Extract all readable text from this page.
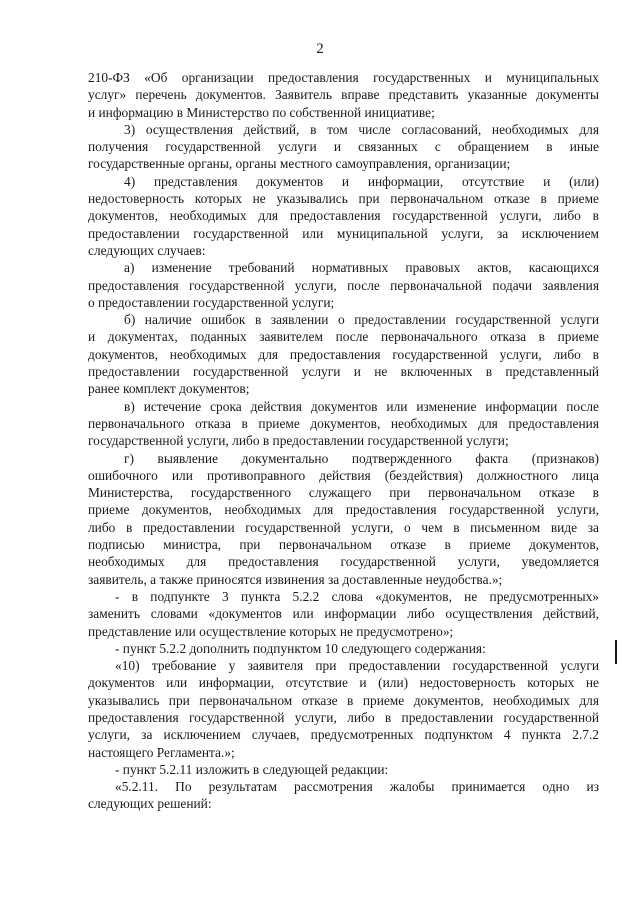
2
210-ФЗ «Об организации предоставления государственных и муниципальных
услуг» перечень документов. Заявитель вправе представить указанные документы
и информацию в Министерство по собственной инициативе;
3) осуществления действий, в том числе согласований, необходимых для
получения государственной услуги и связанных с обращением в иные
государственные органы, органы местного самоуправления, организации;
4) представления документов и информации, отсутствие и (или)
недостоверность которых не указывались при первоначальном отказе в приеме
документов, необходимых для предоставления государственной услуги, либо в
предоставлении государственной или муниципальной услуги, за исключением
следующих случаев:
а) изменение требований нормативных правовых актов, касающихся
предоставления государственной услуги, после первоначальной подачи заявления
о предоставлении государственной услуги;
б) наличие ошибок в заявлении о предоставлении государственной услуги
и документах, поданных заявителем после первоначального отказа в приеме
документов, необходимых для предоставления государственной услуги, либо в
предоставлении государственной услуги и не включенных в представленный
ранее комплект документов;
в) истечение срока действия документов или изменение информации после
первоначального отказа в приеме документов, необходимых для предоставления
государственной услуги, либо в предоставлении государственной услуги;
г) выявление документально подтвержденного факта (признаков)
ошибочного или противоправного действия (бездействия) должностного лица
Министерства, государственного служащего при первоначальном отказе в
приеме документов, необходимых для предоставления государственной услуги,
либо в предоставлении государственной услуги, о чем в письменном виде за
подписью министра, при первоначальном отказе в приеме документов,
необходимых для предоставления государственной услуги, уведомляется
заявитель, а также приносятся извинения за доставленные неудобства.»;
- в подпункте 3 пункта 5.2.2 слова «документов, не предусмотренных»
заменить словами «документов или информации либо осуществления действий,
представление или осуществление которых не предусмотрено»;
- пункт 5.2.2 дополнить подпунктом 10 следующего содержания:
«10) требование у заявителя при предоставлении государственной услуги
документов или информации, отсутствие и (или) недостоверность которых не
указывались при первоначальном отказе в приеме документов, необходимых для
предоставления государственной услуги, либо в предоставлении государственной
услуги, за исключением случаев, предусмотренных подпунктом 4 пункта 2.7.2
настоящего Регламента.»;
- пункт 5.2.11 изложить в следующей редакции:
«5.2.11. По результатам рассмотрения жалобы принимается одно из
следующих решений:
